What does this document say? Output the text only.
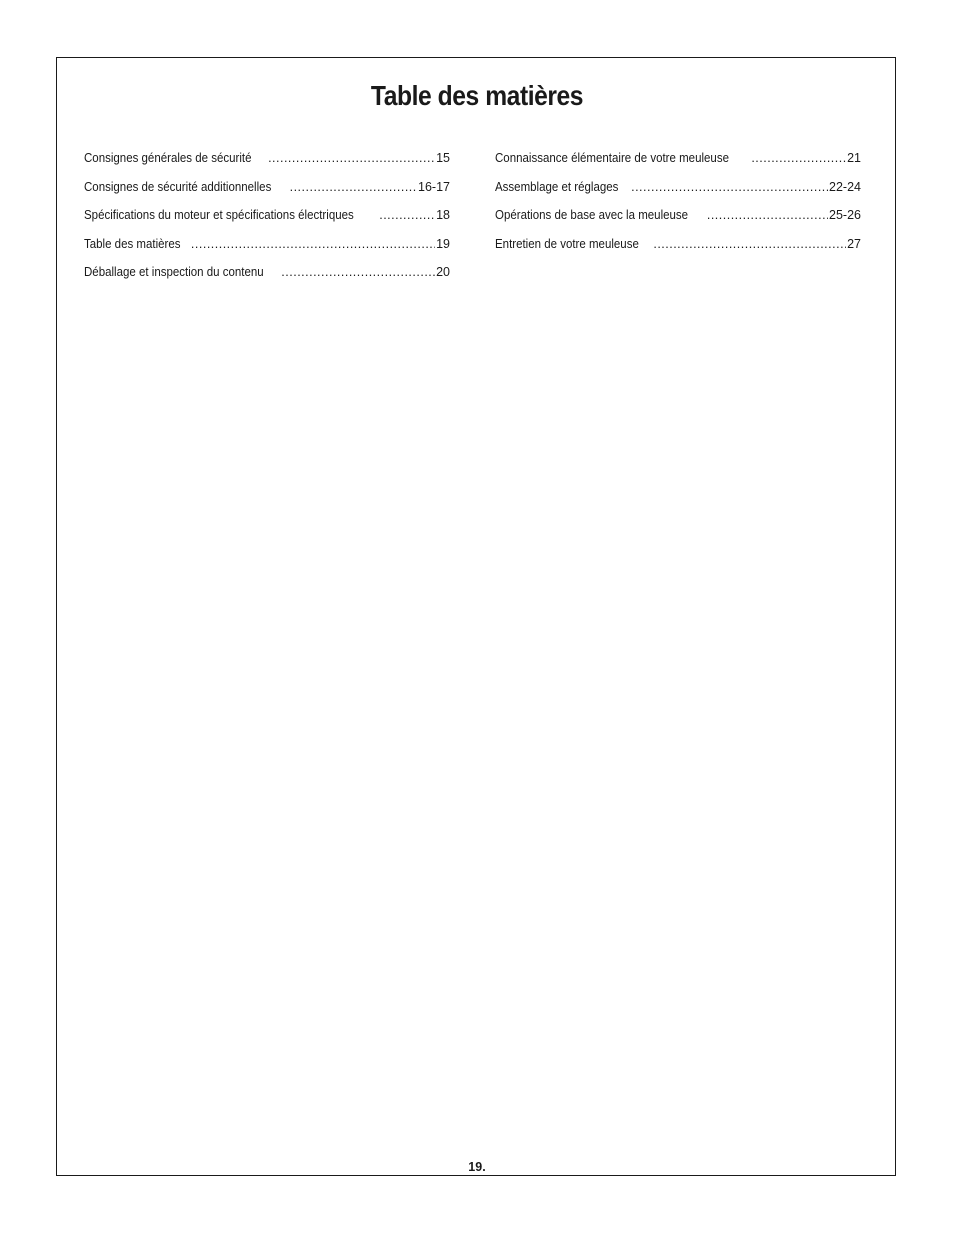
Table des matières
Consignes générales de sécurité .....	15
Consignes de sécurité additionnelles .....	16-17
Spécifications du moteur et spécifications électriques .....	18
Table des matières .....	19
Déballage et inspection du contenu .....	20
Connaissance élémentaire de votre meuleuse .....	21
Assemblage et réglages .....	22-24
Opérations de base avec la meuleuse .....	25-26
Entretien de votre meuleuse .....	27
19.
